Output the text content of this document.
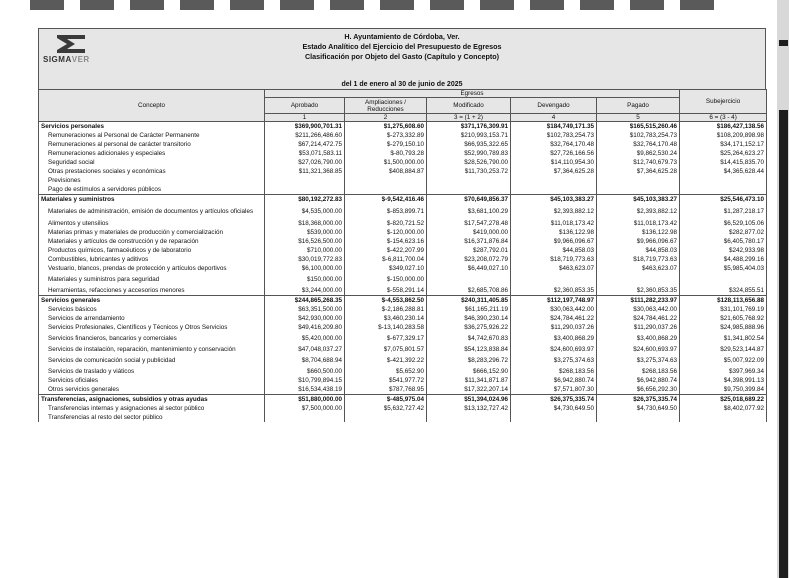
SIGMAVER
H. Ayuntamiento de Córdoba, Ver.
Estado Analítico del Ejercicio del Presupuesto de Egresos
Clasificación por Objeto del Gasto (Capítulo y Concepto)
del 1 de enero al 30 de junio de 2025
Concepto	Egresos					Subejercicio
	Aprobado	Ampliaciones / Reducciones	Modificado	Devengado	Pagado	
	1	2	3 = (1 + 2)	4	5	6 = (3 - 4)
Servicios personales	$369,900,701.31	$1,275,608.60	$371,176,309.91	$184,749,171.35	$165,515,260.46	$186,427,138.56
Remuneraciones al Personal de Carácter Permanente	$211,266,486.60	$-273,332.89	$210,993,153.71	$102,783,254.73	$102,783,254.73	$108,209,898.98
Remuneraciones al personal de carácter transitorio	$67,214,472.75	$-279,150.10	$66,935,322.65	$32,764,170.48	$32,764,170.48	$34,171,152.17
Remuneraciones adicionales y especiales	$53,071,583.11	$-80,793.28	$52,990,789.83	$27,726,166.56	$9,862,530.24	$25,264,623.27
Seguridad social	$27,026,790.00	$1,500,000.00	$28,526,790.00	$14,110,954.30	$12,740,679.73	$14,415,835.70
Otras prestaciones sociales y económicas	$11,321,368.85	$408,884.87	$11,730,253.72	$7,364,625.28	$7,364,625.28	$4,365,628.44
Previsiones						
Pago de estímulos a servidores públicos						
Materiales y suministros	$80,192,272.83	$-9,542,416.46	$70,649,856.37	$45,103,383.27	$45,103,383.27	$25,546,473.10
Materiales de administración, emisión de documentos y artículos oficiales	$4,535,000.00	$-853,899.71	$3,681,100.29	$2,393,882.12	$2,393,882.12	$1,287,218.17
Alimentos y utensilios	$18,368,000.00	$-820,721.52	$17,547,278.48	$11,018,173.42	$11,018,173.42	$6,529,105.06
Materias primas y materiales de producción y comercialización	$539,000.00	$-120,000.00	$419,000.00	$136,122.98	$136,122.98	$282,877.02
Materiales y artículos de construcción y de reparación	$16,526,500.00	$-154,623.16	$16,371,876.84	$9,966,096.67	$9,966,096.67	$6,405,780.17
Productos químicos, farmacéuticos y de laboratorio	$710,000.00	$-422,207.99	$287,792.01	$44,858.03	$44,858.03	$242,933.98
Combustibles, lubricantes y aditivos	$30,019,772.83	$-6,811,700.04	$23,208,072.79	$18,719,773.63	$18,719,773.63	$4,488,299.16
Vestuario, blancos, prendas de protección y artículos deportivos	$6,100,000.00	$349,027.10	$6,449,027.10	$463,623.07	$463,623.07	$5,985,404.03
Materiales y suministros para seguridad	$150,000.00	$-150,000.00				
Herramientas, refacciones y accesorios menores	$3,244,000.00	$-558,291.14	$2,685,708.86	$2,360,853.35	$2,360,853.35	$324,855.51
Servicios generales	$244,865,268.35	$-4,553,862.50	$240,311,405.85	$112,197,748.97	$111,282,233.97	$128,113,656.88
Servicios básicos	$63,351,500.00	$-2,186,288.81	$61,165,211.19	$30,063,442.00	$30,063,442.00	$31,101,769.19
Servicios de arrendamiento	$42,930,000.00	$3,460,230.14	$46,390,230.14	$24,784,461.22	$24,784,461.22	$21,605,768.92
Servicios Profesionales, Científicos y Técnicos y Otros Servicios	$49,416,209.80	$-13,140,283.58	$36,275,926.22	$11,290,037.26	$11,290,037.26	$24,985,888.96
Servicios financieros, bancarios y comerciales	$5,420,000.00	$-677,329.17	$4,742,670.83	$3,400,868.29	$3,400,868.29	$1,341,802.54
Servicios de instalación, reparación, mantenimiento y conservación	$47,048,037.27	$7,075,801.57	$54,123,838.84	$24,600,693.97	$24,600,693.97	$29,523,144.87
Servicios de comunicación social y publicidad	$8,704,688.94	$-421,392.22	$8,283,296.72	$3,275,374.63	$3,275,374.63	$5,007,922.09
Servicios de traslado y viáticos	$660,500.00	$5,652.90	$666,152.90	$268,183.56	$268,183.56	$397,969.34
Servicios oficiales	$10,799,894.15	$541,977.72	$11,341,871.87	$6,942,880.74	$6,942,880.74	$4,398,991.13
Otros servicios generales	$16,534,438.19	$787,768.95	$17,322,207.14	$7,571,807.30	$6,656,292.30	$9,750,399.84
Transferencias, asignaciones, subsidios y otras ayudas	$51,880,000.00	$-485,975.04	$51,394,024.96	$26,375,335.74	$26,375,335.74	$25,018,689.22
Transferencias internas y asignaciones al sector público	$7,500,000.00	$5,632,727.42	$13,132,727.42	$4,730,649.50	$4,730,649.50	$8,402,077.92
Transferencias al resto del sector público						
